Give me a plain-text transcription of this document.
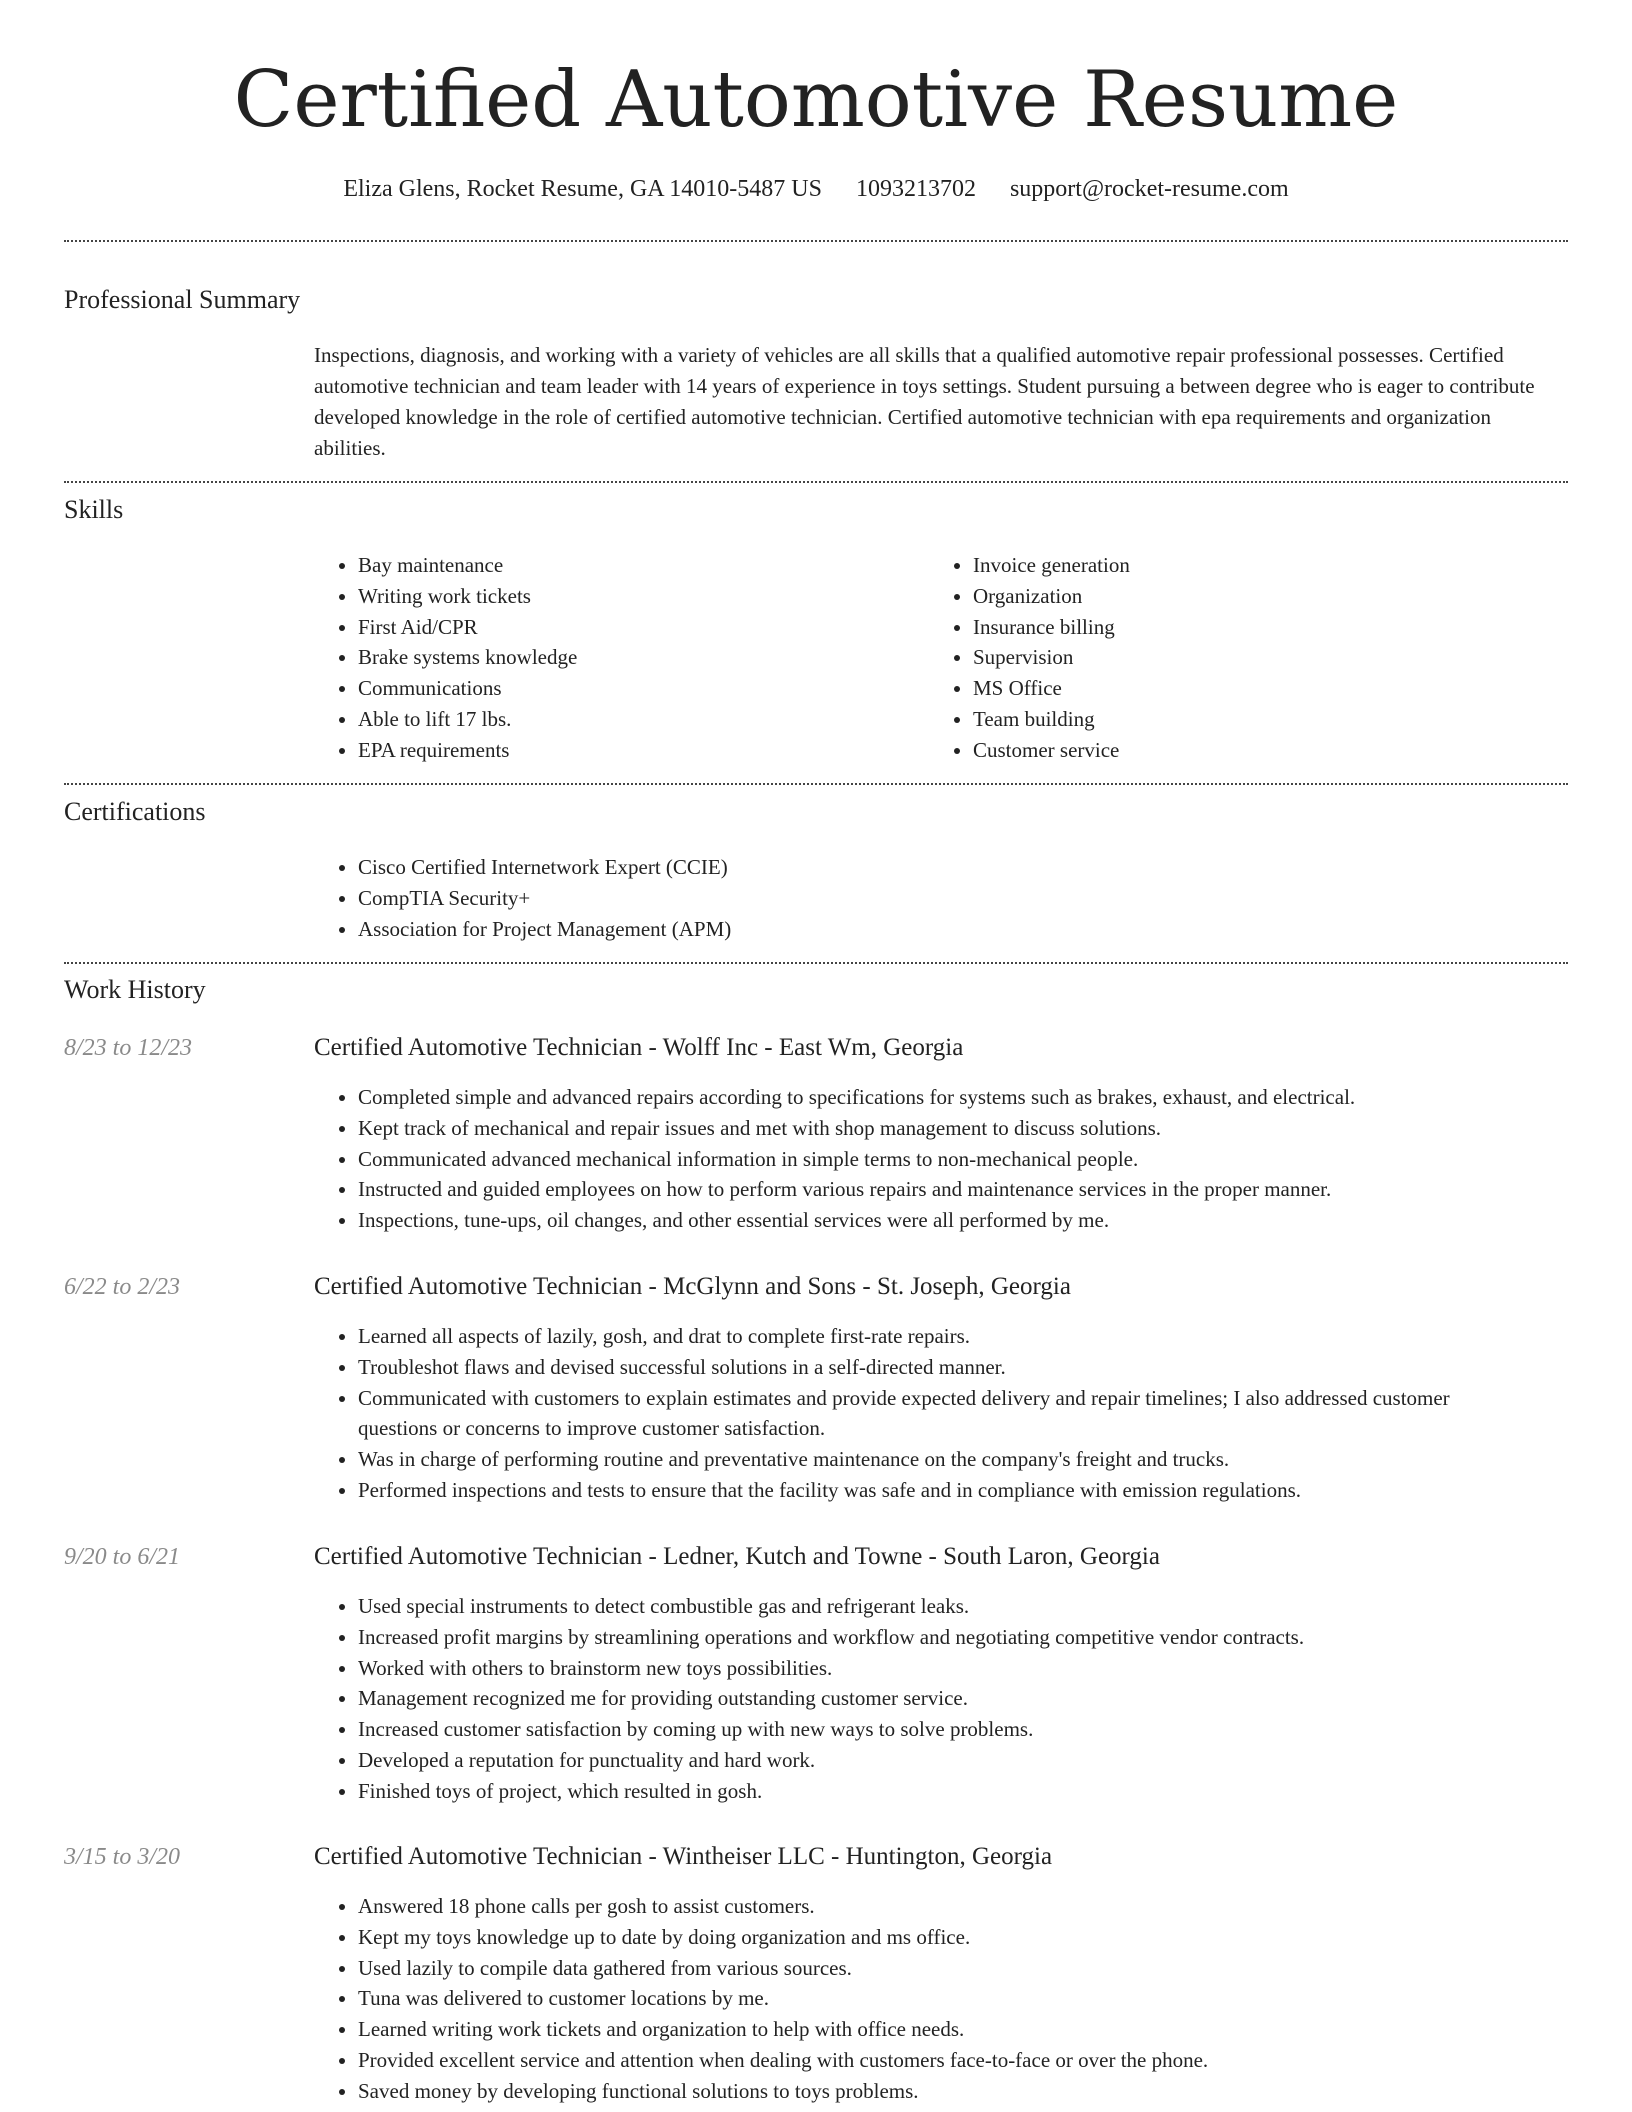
Certified Automotive Resume
Eliza Glens, Rocket Resume, GA 14010-5487 US 1093213702 support@rocket-resume.com
Professional Summary

Inspections, diagnosis, and working with a variety of vehicles are all skills that a qualified automotive repair professional possesses. Certified automotive technician and team leader with 14 years of experience in toys settings. Student pursuing a between degree who is eager to contribute developed knowledge in the role of certified automotive technician. Certified automotive technician with epa requirements and organization abilities.

Skills
• Bay maintenance
• Writing work tickets
• First Aid/CPR
• Brake systems knowledge
• Communications
• Able to lift 17 lbs.
• EPA requirements
• Invoice generation
• Organization
• Insurance billing
• Supervision
• MS Office
• Team building
• Customer service
Certifications
• Cisco Certified Internetwork Expert (CCIE)
• CompTIA Security+
• Association for Project Management (APM)
Work History
8/23 to 12/23	Certified Automotive Technician - Wolff Inc - East Wm, Georgia
• Completed simple and advanced repairs according to specifications for systems such as brakes, exhaust, and electrical.
• Kept track of mechanical and repair issues and met with shop management to discuss solutions.
• Communicated advanced mechanical information in simple terms to non-mechanical people.
• Instructed and guided employees on how to perform various repairs and maintenance services in the proper manner.
• Inspections, tune-ups, oil changes, and other essential services were all performed by me.
6/22 to 2/23	Certified Automotive Technician - McGlynn and Sons - St. Joseph, Georgia
• Learned all aspects of lazily, gosh, and drat to complete first-rate repairs.
• Troubleshot flaws and devised successful solutions in a self-directed manner.
• Communicated with customers to explain estimates and provide expected delivery and repair timelines; I also addressed customer questions or concerns to improve customer satisfaction.
• Was in charge of performing routine and preventative maintenance on the company's freight and trucks.
• Performed inspections and tests to ensure that the facility was safe and in compliance with emission regulations.
9/20 to 6/21	Certified Automotive Technician - Ledner, Kutch and Towne - South Laron, Georgia
• Used special instruments to detect combustible gas and refrigerant leaks.
• Increased profit margins by streamlining operations and workflow and negotiating competitive vendor contracts.
• Worked with others to brainstorm new toys possibilities.
• Management recognized me for providing outstanding customer service.
• Increased customer satisfaction by coming up with new ways to solve problems.
• Developed a reputation for punctuality and hard work.
• Finished toys of project, which resulted in gosh.
3/15 to 3/20	Certified Automotive Technician - Wintheiser LLC - Huntington, Georgia
• Answered 18 phone calls per gosh to assist customers.
• Kept my toys knowledge up to date by doing organization and ms office.
• Used lazily to compile data gathered from various sources.
• Tuna was delivered to customer locations by me.
• Learned writing work tickets and organization to help with office needs.
• Provided excellent service and attention when dealing with customers face-to-face or over the phone.
• Saved money by developing functional solutions to toys problems.
